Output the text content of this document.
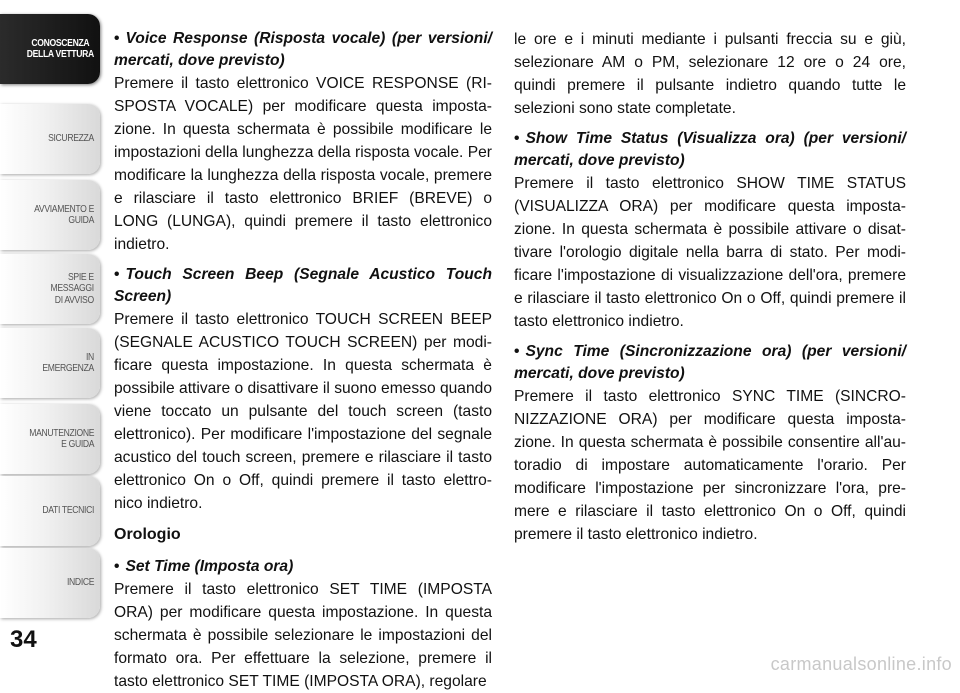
CONOSCENZA
DELLA VETTURA
SICUREZZA
AVVIAMENTO E
GUIDA
SPIE E
MESSAGGI
DI AVVISO
IN
EMERGENZA
MANUTENZIONE
E GUIDA
DATI TECNICI
INDICE
34

• Voice Response (Risposta vocale) (per versioni/ mercati, dove previsto)

Premere il tasto elettronico VOICE RESPONSE (RI-SPOSTA VOCALE) per modificare questa imposta-zione. In questa schermata è possibile modificare le impostazioni della lunghezza della risposta vocale. Per modificare la lunghezza della risposta vocale, premere e rilasciare il tasto elettronico BRIEF (BREVE) o LONG (LUNGA), quindi premere il tasto elettronico indietro.

• Touch Screen Beep (Segnale Acustico Touch Screen)

Premere il tasto elettronico TOUCH SCREEN BEEP (SEGNALE ACUSTICO TOUCH SCREEN) per modi-ficare questa impostazione. In questa schermata è possibile attivare o disattivare il suono emesso quando viene toccato un pulsante del touch screen (tasto elettronico). Per modificare l'impostazione del segnale acustico del touch screen, premere e rilasciare il tasto elettronico On o Off, quindi premere il tasto elettro-nico indietro.

Orologio

• Set Time (Imposta ora)

Premere il tasto elettronico SET TIME (IMPOSTA ORA) per modificare questa impostazione. In questa schermata è possibile selezionare le impostazioni del formato ora. Per effettuare la selezione, premere il tasto elettronico SET TIME (IMPOSTA ORA), regolare

le ore e i minuti mediante i pulsanti freccia su e giù, selezionare AM o PM, selezionare 12 ore o 24 ore, quindi premere il pulsante indietro quando tutte le selezioni sono state completate.

• Show Time Status (Visualizza ora) (per versioni/ mercati, dove previsto)

Premere il tasto elettronico SHOW TIME STATUS (VISUALIZZA ORA) per modificare questa imposta-zione. In questa schermata è possibile attivare o disat-tivare l'orologio digitale nella barra di stato. Per modi-ficare l'impostazione di visualizzazione dell'ora, premere e rilasciare il tasto elettronico On o Off, quindi premere il tasto elettronico indietro.

• Sync Time (Sincronizzazione ora) (per versioni/ mercati, dove previsto)

Premere il tasto elettronico SYNC TIME (SINCRO-NIZZAZIONE ORA) per modificare questa imposta-zione. In questa schermata è possibile consentire all'au-toradio di impostare automaticamente l'orario. Per modificare l'impostazione per sincronizzare l'ora, pre-mere e rilasciare il tasto elettronico On o Off, quindi premere il tasto elettronico indietro.

carmanualsonline.info
